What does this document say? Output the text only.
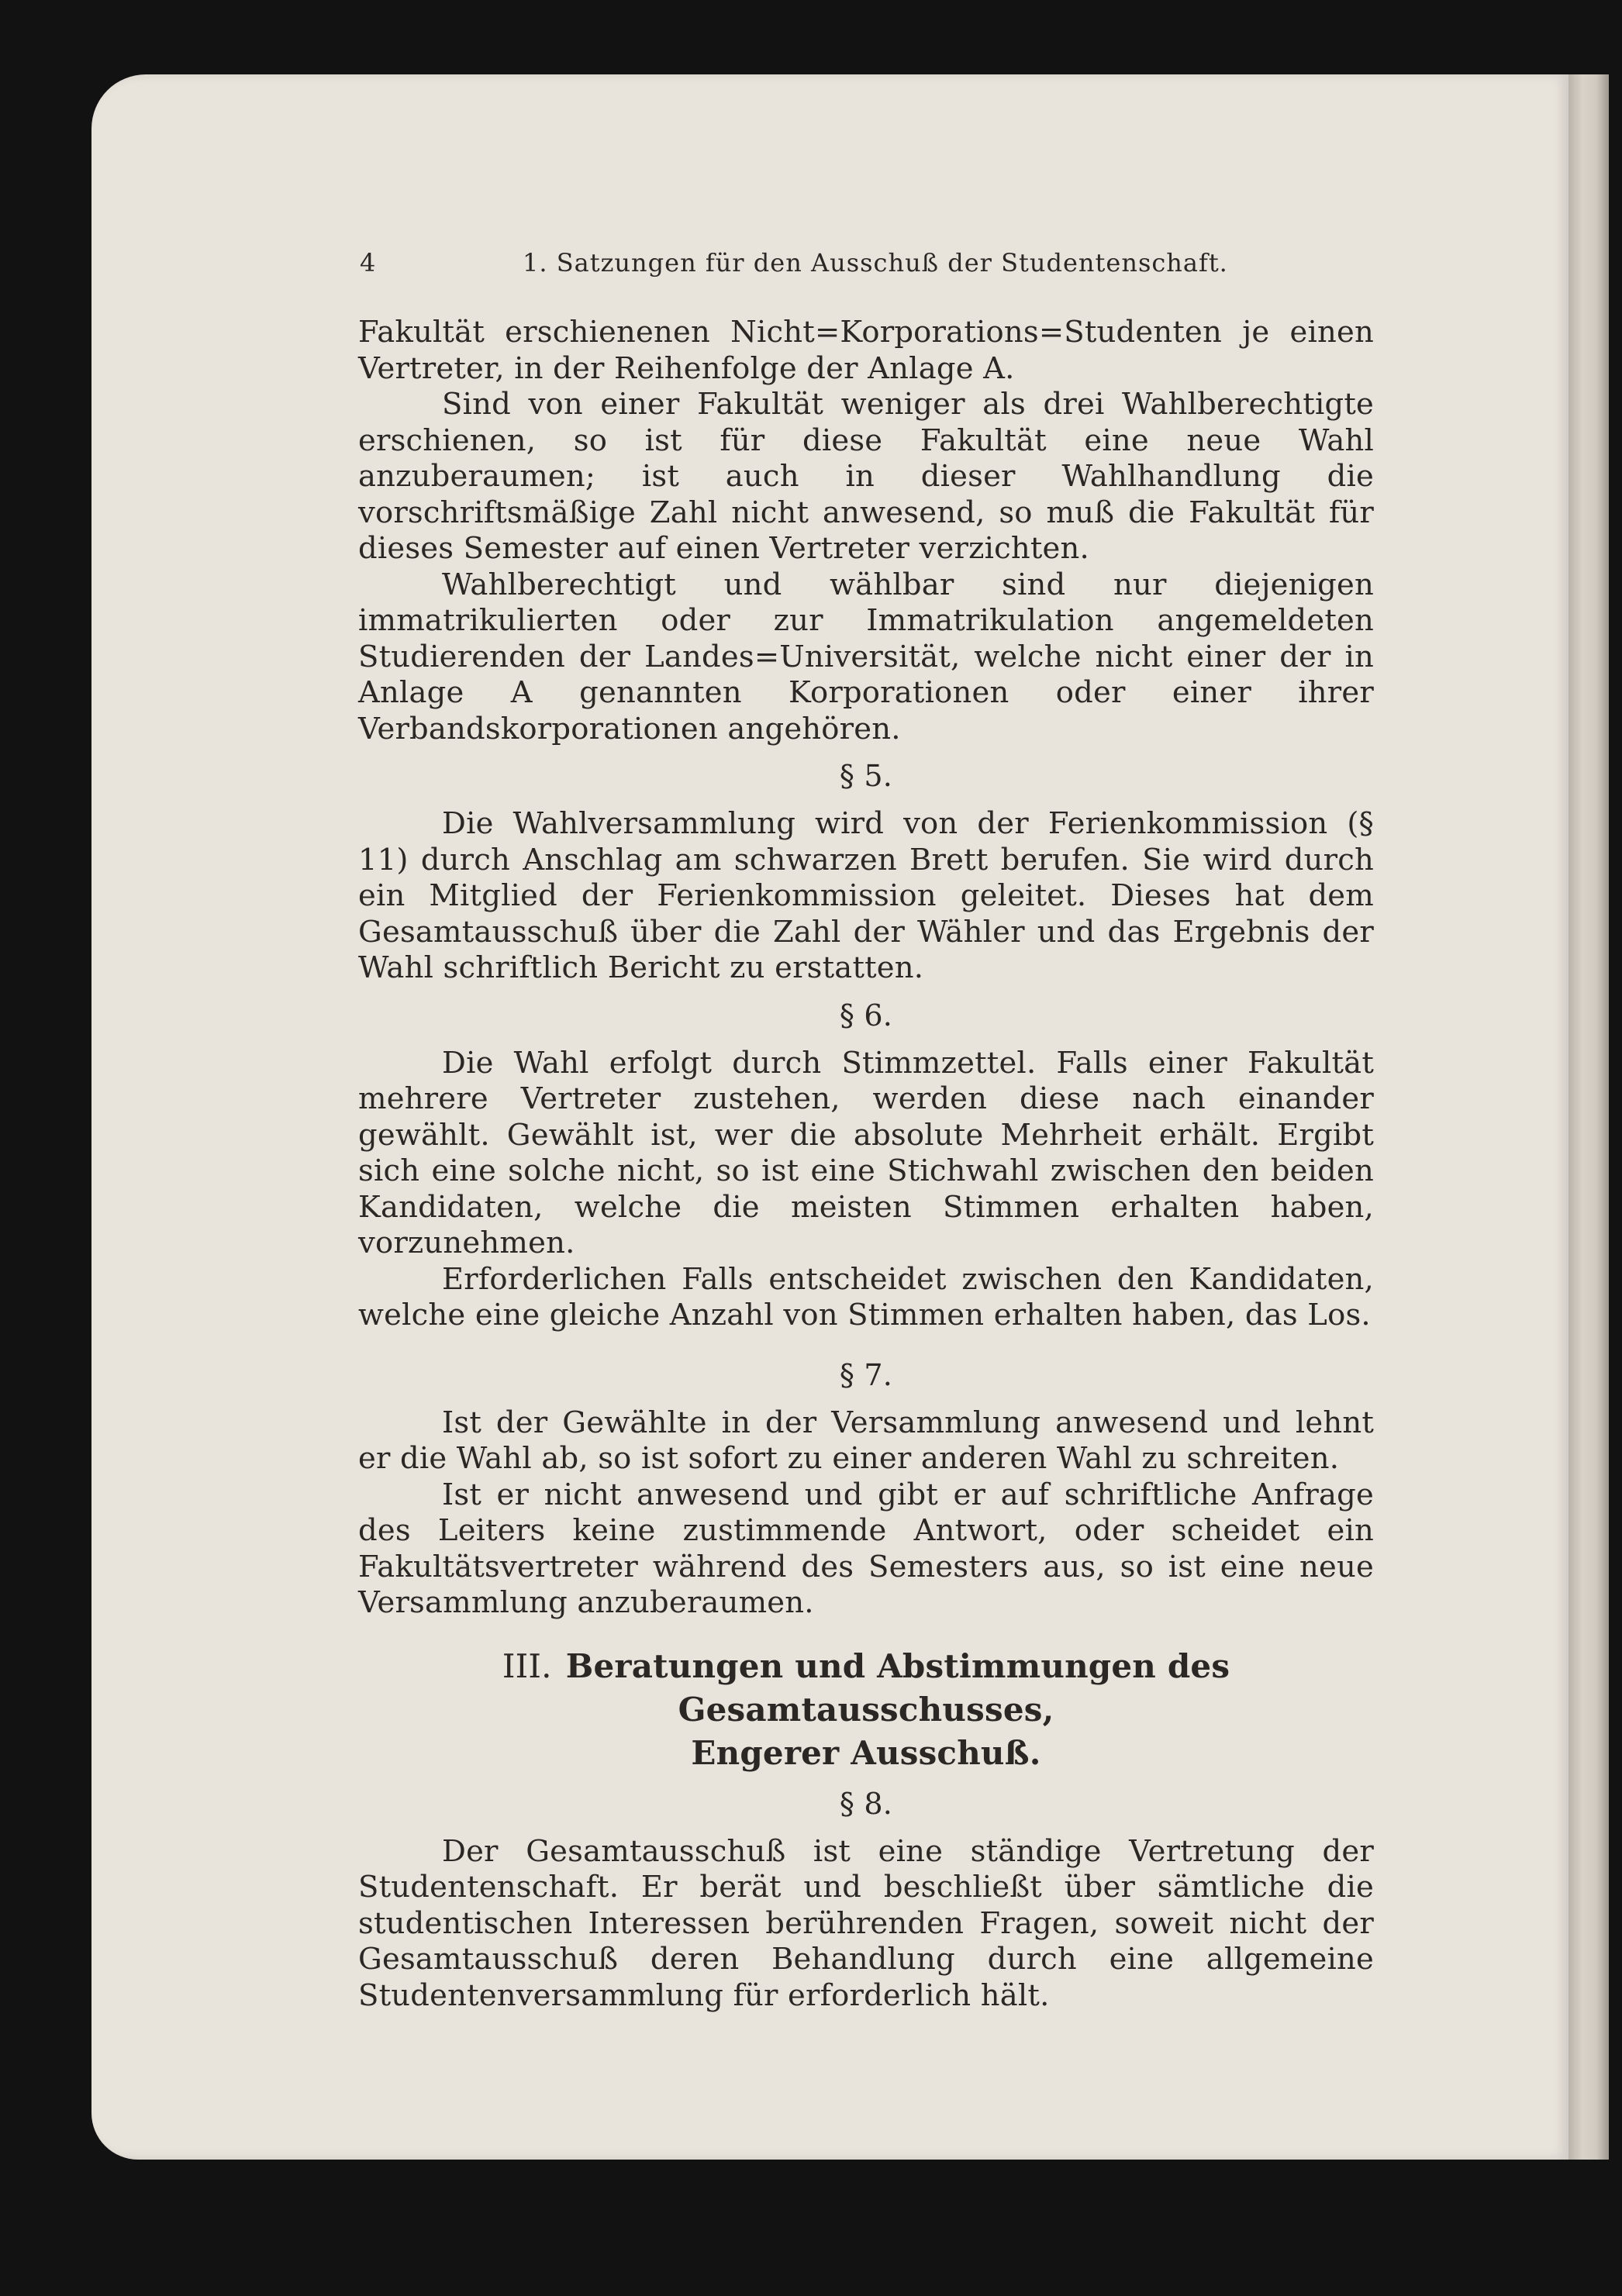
4	1. Satzungen für den Ausschuß der Studentenschaft.

Fakultät erschienenen Nicht=Korporations=Studenten je einen Vertreter, in der Reihenfolge der Anlage A.

Sind von einer Fakultät weniger als drei Wahlberechtigte erschienen, so ist für diese Fakultät eine neue Wahl anzuberaumen; ist auch in dieser Wahlhandlung die vorschriftsmäßige Zahl nicht anwesend, so muß die Fakultät für dieses Semester auf einen Vertreter verzichten.

Wahlberechtigt und wählbar sind nur diejenigen immatrikulierten oder zur Immatrikulation angemeldeten Studierenden der Landes=Universität, welche nicht einer der in Anlage A genannten Korporationen oder einer ihrer Verbandskorporationen angehören.

§ 5.

Die Wahlversammlung wird von der Ferienkommission (§ 11) durch Anschlag am schwarzen Brett berufen. Sie wird durch ein Mitglied der Ferienkommission geleitet. Dieses hat dem Gesamtausschuß über die Zahl der Wähler und das Ergebnis der Wahl schriftlich Bericht zu erstatten.

§ 6.

Die Wahl erfolgt durch Stimmzettel. Falls einer Fakultät mehrere Vertreter zustehen, werden diese nach einander gewählt. Gewählt ist, wer die absolute Mehrheit erhält. Ergibt sich eine solche nicht, so ist eine Stichwahl zwischen den beiden Kandidaten, welche die meisten Stimmen erhalten haben, vorzunehmen.

Erforderlichen Falls entscheidet zwischen den Kandidaten, welche eine gleiche Anzahl von Stimmen erhalten haben, das Los.

§ 7.

Ist der Gewählte in der Versammlung anwesend und lehnt er die Wahl ab, so ist sofort zu einer anderen Wahl zu schreiten.

Ist er nicht anwesend und gibt er auf schriftliche Anfrage des Leiters keine zustimmende Antwort, oder scheidet ein Fakultätsvertreter während des Semesters aus, so ist eine neue Versammlung anzuberaumen.

III. Beratungen und Abstimmungen des Gesamtausschusses,
Engerer Ausschuß.
§ 8.

Der Gesamtausschuß ist eine ständige Vertretung der Studentenschaft. Er berät und beschließt über sämtliche die studentischen Interessen berührenden Fragen, soweit nicht der Gesamtausschuß deren Behandlung durch eine allgemeine Studentenversammlung für erforderlich hält.
